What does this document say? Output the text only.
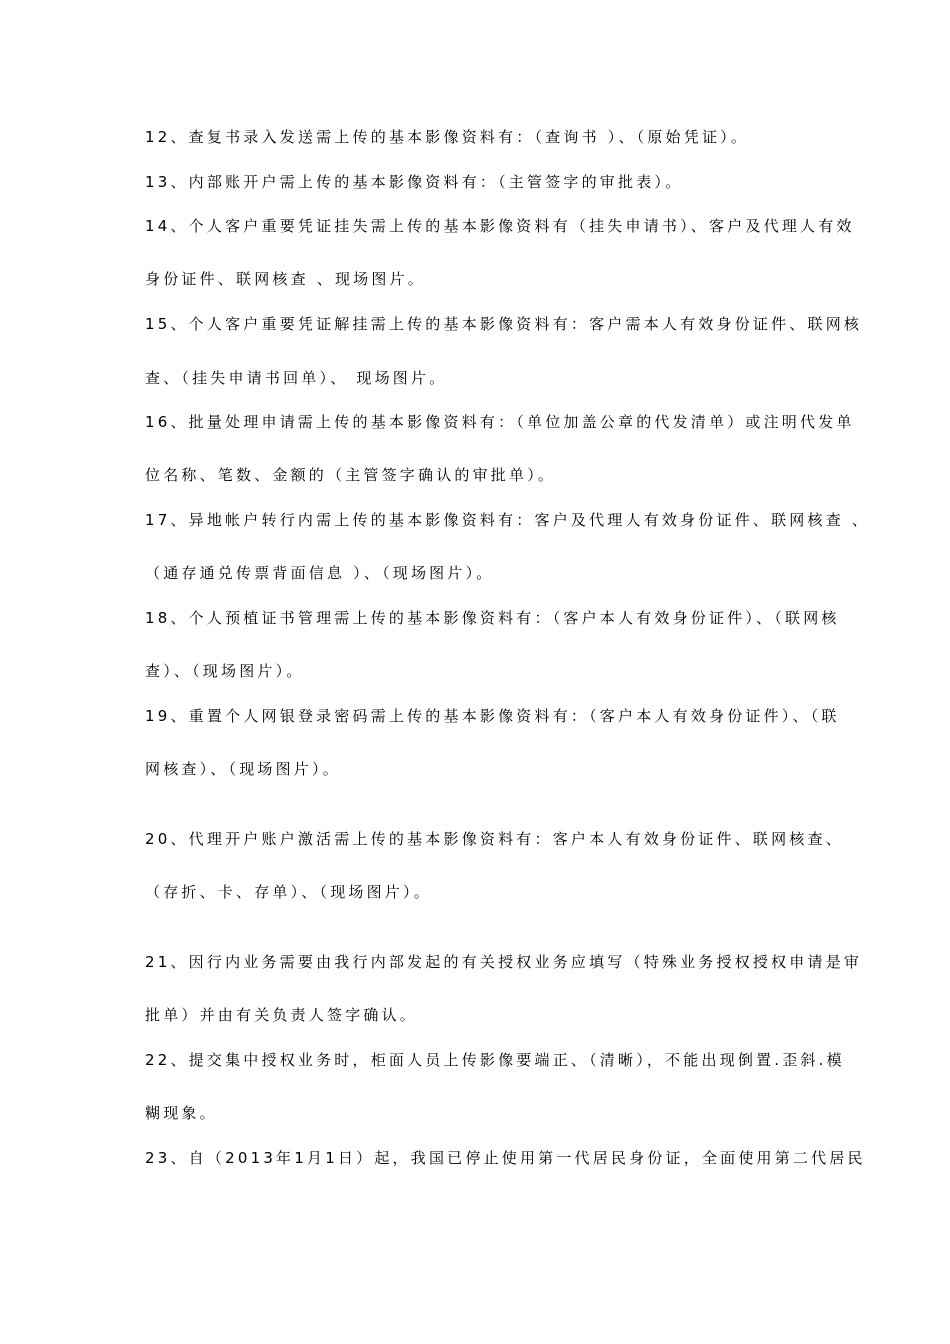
12、查复书录入发送需上传的基本影像资料有：（查询书 ）、（原始凭证）。
13、内部账开户需上传的基本影像资料有：（主管签字的审批表）。
14、个人客户重要凭证挂失需上传的基本影像资料有（挂失申请书）、客户及代理人有效
身份证件、联网核查 、现场图片。
15、个人客户重要凭证解挂需上传的基本影像资料有：客户需本人有效身份证件、联网核
查、（挂失申请书回单）、 现场图片。
16、批量处理申请需上传的基本影像资料有：（单位加盖公章的代发清单）或注明代发单
位名称、笔数、金额的（主管签字确认的审批单）。
17、异地帐户转行内需上传的基本影像资料有：客户及代理人有效身份证件、联网核查 、
（通存通兑传票背面信息 ）、（现场图片）。
18、个人预植证书管理需上传的基本影像资料有：（客户本人有效身份证件）、（联网核
查）、（现场图片）。
19、重置个人网银登录密码需上传的基本影像资料有：（客户本人有效身份证件）、（联
网核查）、（现场图片）。
20、代理开户账户激活需上传的基本影像资料有：客户本人有效身份证件、联网核查、
（存折、卡、存单）、（现场图片）。
21、因行内业务需要由我行内部发起的有关授权业务应填写（特殊业务授权授权申请是审
批单）并由有关负责人签字确认。
22、提交集中授权业务时，柜面人员上传影像要端正、（清晰），不能出现倒置.歪斜.模
糊现象。
23、自（2013年1月1日）起，我国已停止使用第一代居民身份证，全面使用第二代居民
